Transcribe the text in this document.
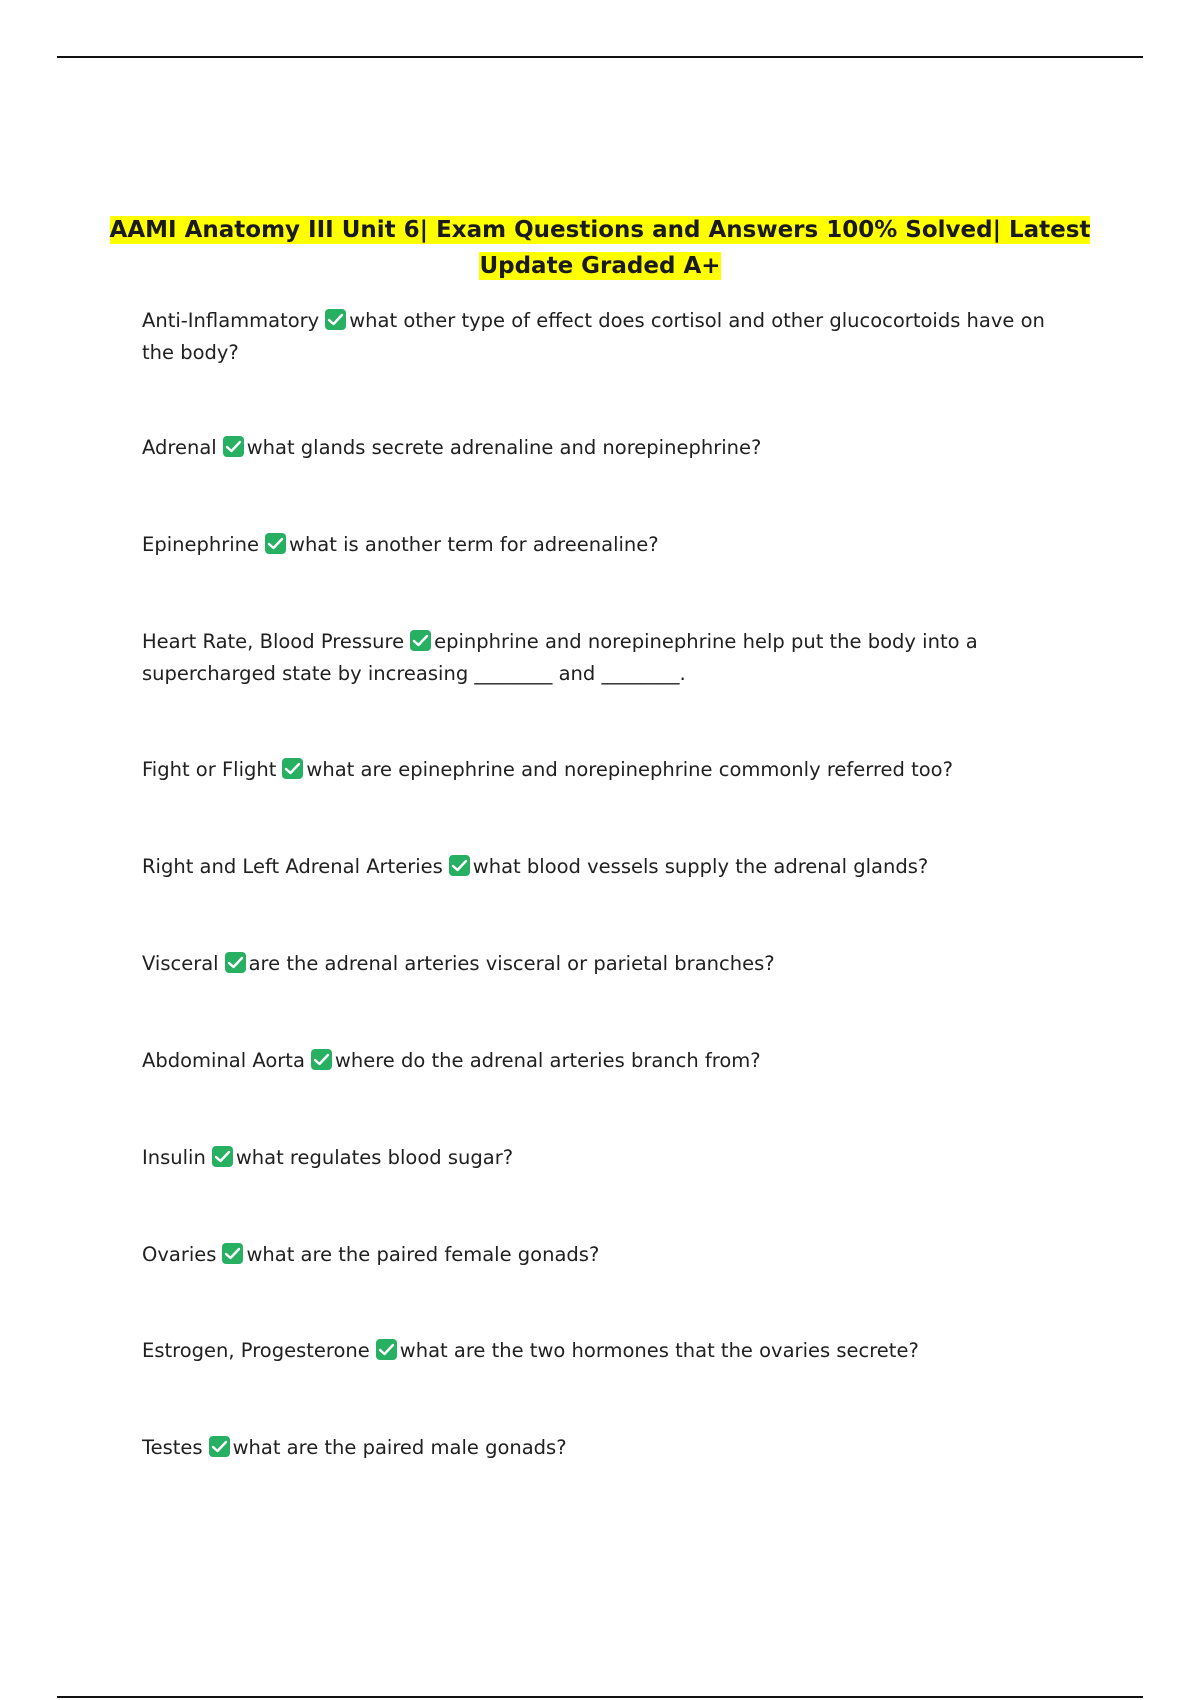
AAMI Anatomy III Unit 6| Exam Questions and Answers 100% Solved| Latest
Update Graded A+
Anti-Inflammatory what other type of effect does cortisol and other glucocortoids have on the body?
Adrenal what glands secrete adrenaline and norepinephrine?
Epinephrine what is another term for adreenaline?
Heart Rate, Blood Pressure epinphrine and norepinephrine help put the body into a supercharged state by increasing ________ and ________.
Fight or Flight what are epinephrine and norepinephrine commonly referred too?
Right and Left Adrenal Arteries what blood vessels supply the adrenal glands?
Visceral are the adrenal arteries visceral or parietal branches?
Abdominal Aorta where do the adrenal arteries branch from?
Insulin what regulates blood sugar?
Ovaries what are the paired female gonads?
Estrogen, Progesterone what are the two hormones that the ovaries secrete?
Testes what are the paired male gonads?
